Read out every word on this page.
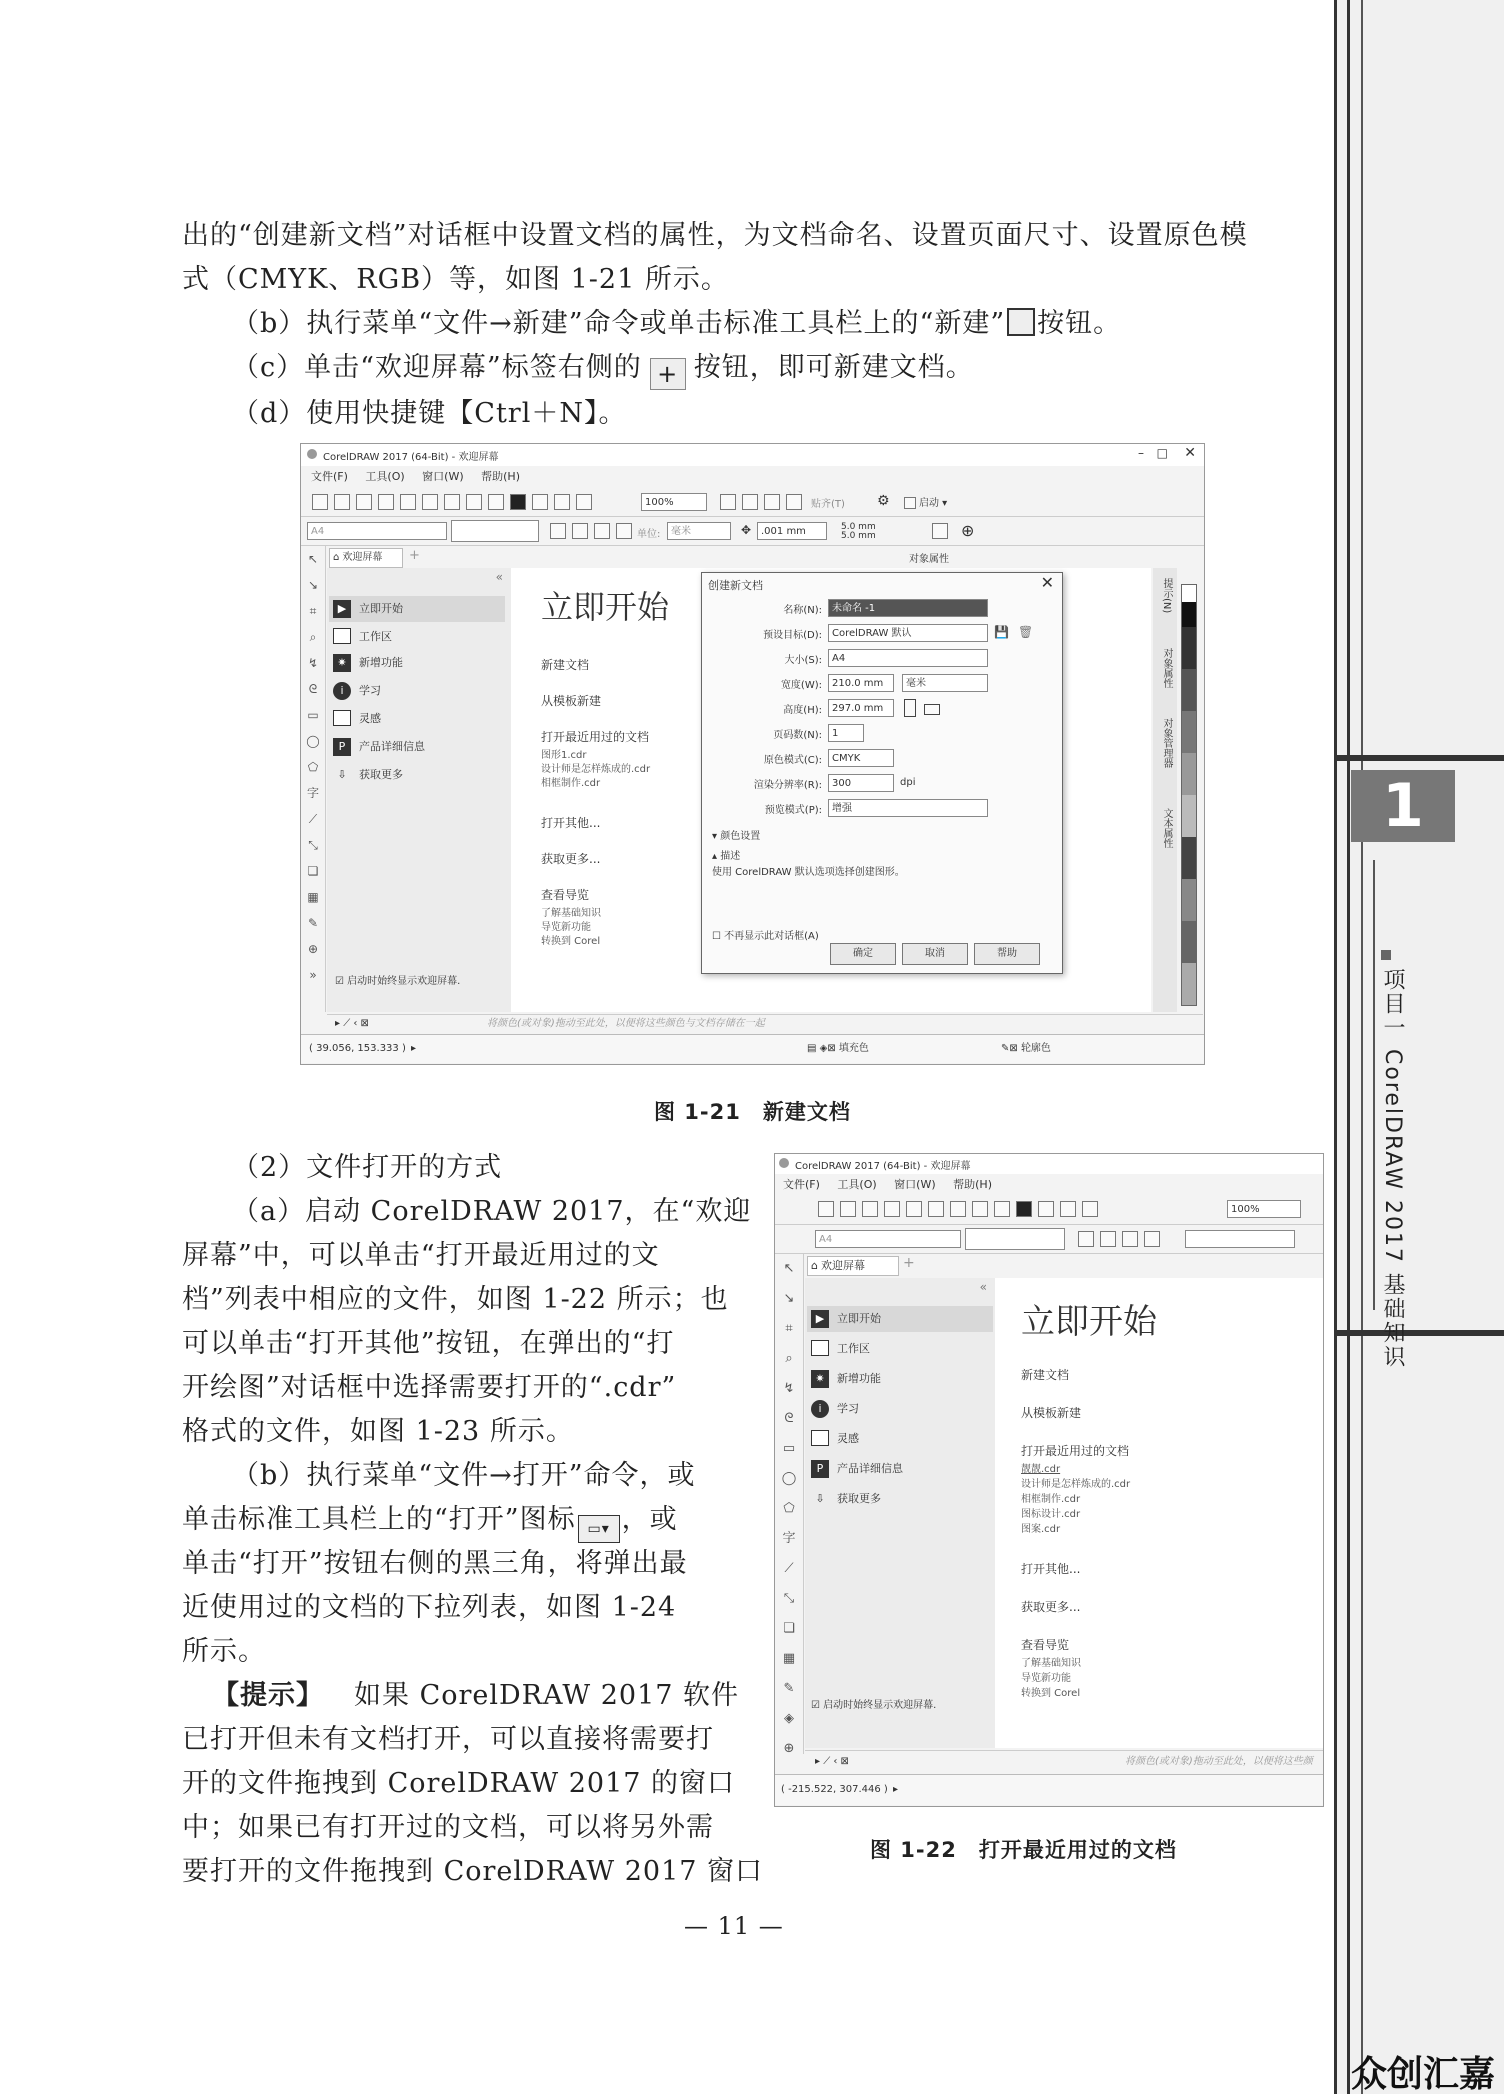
出的“创建新文档”对话框中设置文档的属性，为文档命名、设置页面尺寸、设置原色模
式（CMYK、RGB）等，如图 1-21 所示。
（b）执行菜单“文件→新建”命令或单击标准工具栏上的“新建” 按钮。
（c）单击“欢迎屏幕”标签右侧的 + 按钮，即可新建文档。
（d）使用快捷键【Ctrl＋N】。
CorelDRAW 2017 (64-Bit) - 欢迎屏幕	– □ ✕
文件(F) 工具(O) 窗口(W) 帮助(H)
100%	贴齐(T) ⚙	启动 ▾
A4	单位:	毫米	✥ .001 mm	5.0 mm
5.0 mm	⊕
↖
↘
⌗
⌕
↯
ᘓ
▭
◯
⬠
字
⟋
⤡
❏
▦
✎
⊕
»
⌂ 欢迎屏幕	+	对象属性
«
▶ 立即开始
工作区
✷ 新增功能
i 学习
灵感
P 产品详细信息
⇩ 获取更多
☑ 启动时始终显示欢迎屏幕.
立即开始
新建文档
从模板新建
打开最近用过的文档
图形1.cdr
设计师是怎样炼成的.cdr
相框制作.cdr
打开其他...
获取更多...
查看导览
了解基础知识
导览新功能
转换到 Corel
创建新文档	✕
名称(N):	未命名 -1
预设目标(D):	CorelDRAW 默认	💾 🗑
大小(S):	A4
宽度(W):	210.0 mm	毫米
高度(H):	297.0 mm
页码数(N):	1
原色模式(C):	CMYK
渲染分辨率(R):	300	dpi
预览模式(P):	增强
▾ 颜色设置
▴ 描述
使用 CorelDRAW 默认选项选择创建图形。
☐ 不再显示此对话框(A)
确定	取消	帮助
提示(N)
对象属性
对象管理器
文本属性
▸ ⟋ ‹ ⊠	将颜色(或对象)拖动至此处，以便将这些颜色与文档存储在一起
( 39.056, 153.333 ) ▸	▤ ◈⊠ 填充色	✎⊠ 轮廓色
图 1-21　新建文档
（2）文件打开的方式
（a）启动 CorelDRAW 2017，在“欢迎
屏幕”中，可以单击“打开最近用过的文
档”列表中相应的文件，如图 1-22 所示；也
可以单击“打开其他”按钮，在弹出的“打
开绘图”对话框中选择需要打开的“.cdr”
格式的文件，如图 1-23 所示。
（b）执行菜单“文件→打开”命令，或
单击标准工具栏上的“打开”图标 ▭▾ ，或
单击“打开”按钮右侧的黑三角，将弹出最
近使用过的文档的下拉列表，如图 1-24
所示。
【提示】 如果 CorelDRAW 2017 软件
已打开但未有文档打开，可以直接将需要打
开的文件拖拽到 CorelDRAW 2017 的窗口
中；如果已有打开过的文档，可以将另外需
要打开的文件拖拽到 CorelDRAW 2017 窗口
CorelDRAW 2017 (64-Bit) - 欢迎屏幕
文件(F) 工具(O) 窗口(W) 帮助(H)
100%
A4
↖
↘
⌗
⌕
↯
ᘓ
▭
◯
⬠
字
⟋
⤡
❏
▦
✎
◈
⊕
⌂ 欢迎屏幕	+
«
▶ 立即开始
工作区
✷ 新增功能
i 学习
灵感
P 产品详细信息
⇩ 获取更多
☑ 启动时始终显示欢迎屏幕.
立即开始
新建文档
从模板新建
打开最近用过的文档
靓靓.cdr
设计师是怎样炼成的.cdr
相框制作.cdr
图标设计.cdr
图案.cdr
打开其他...
获取更多...
查看导览
了解基础知识
导览新功能
转换到 Corel
▸ ⟋ ‹ ⊠	将颜色(或对象)拖动至此处，以便将这些颜
( -215.522, 307.446 ) ▸
图 1-22　打开最近用过的文档
— 11 —
1
项目一 CorelDRAW 2017 基础知识
众创汇嘉
